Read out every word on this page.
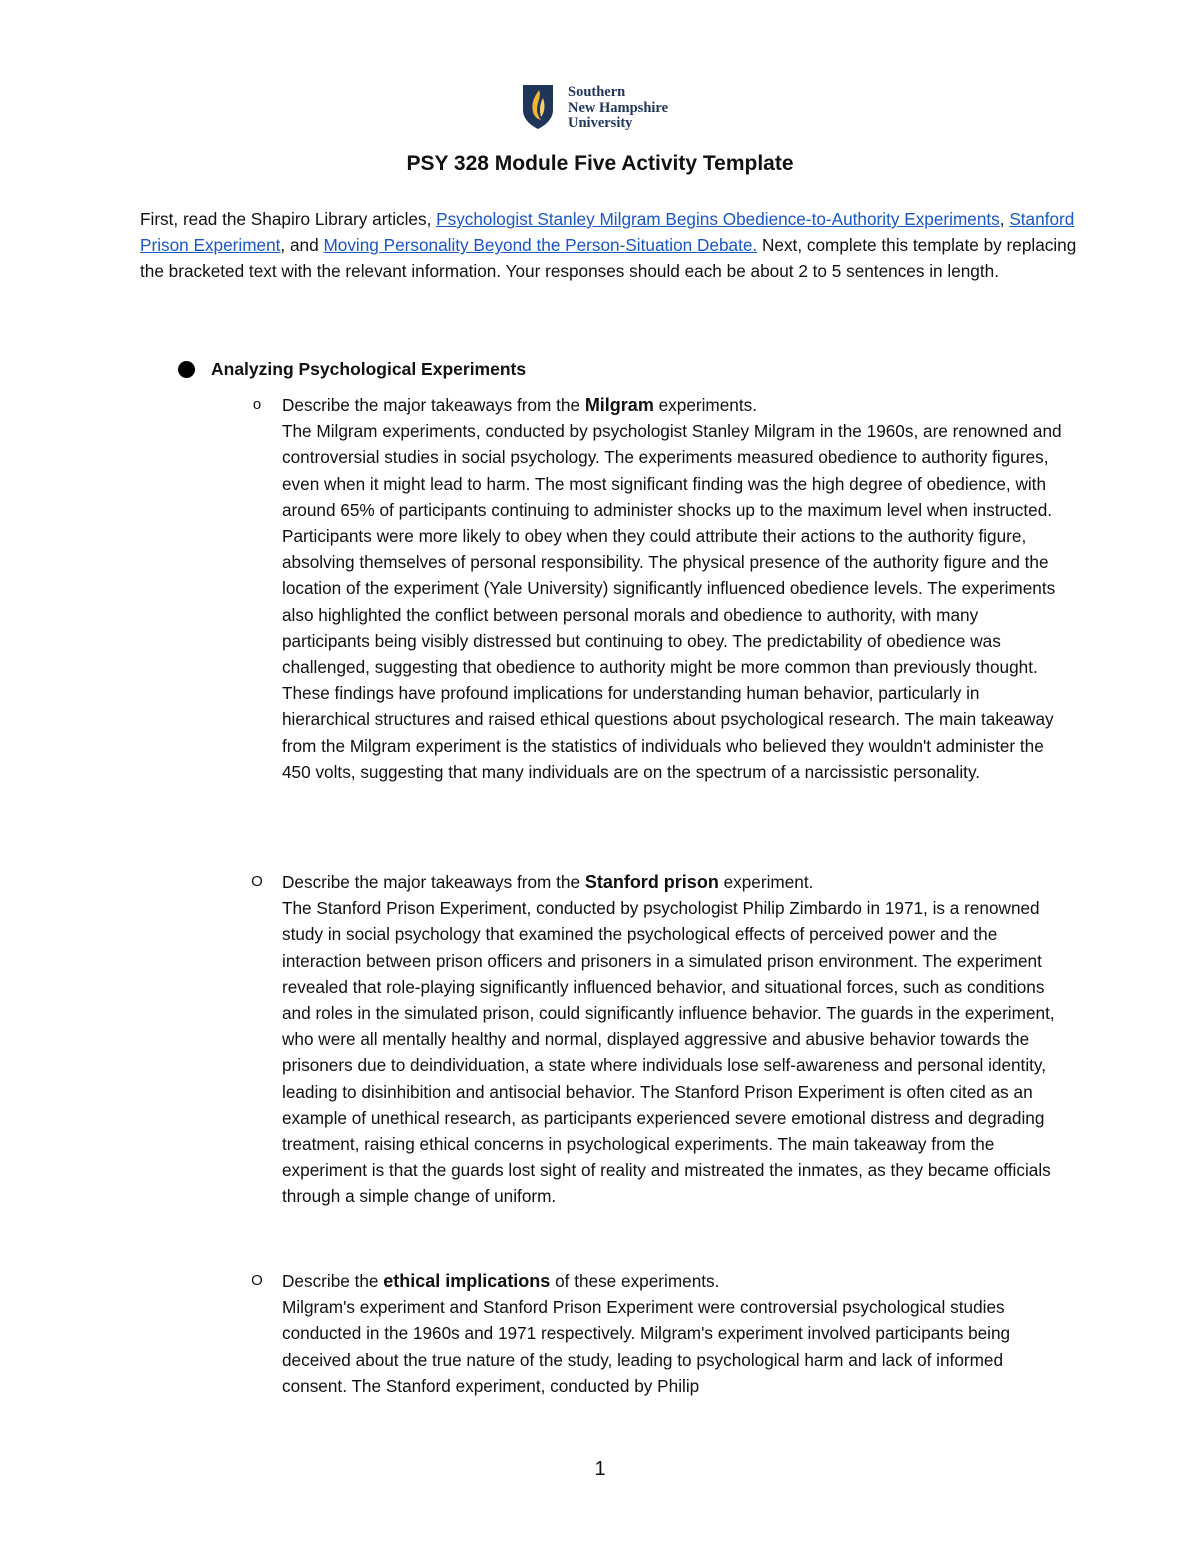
Southern
New Hampshire
University
PSY 328 Module Five Activity Template
First, read the Shapiro Library articles, Psychologist Stanley Milgram Begins Obedience-to-Authority Experiments, Stanford Prison Experiment, and Moving Personality Beyond the Person-Situation Debate. Next, complete this template by replacing the bracketed text with the relevant information. Your responses should each be about 2 to 5 sentences in length.
Analyzing Psychological Experiments
o	Describe the major takeaways from the Milgram experiments.
The Milgram experiments, conducted by psychologist Stanley Milgram in the 1960s, are renowned and controversial studies in social psychology. The experiments measured obedience to authority figures, even when it might lead to harm. The most significant finding was the high degree of obedience, with around 65% of participants continuing to administer shocks up to the maximum level when instructed. Participants were more likely to obey when they could attribute their actions to the authority figure, absolving themselves of personal responsibility. The physical presence of the authority figure and the location of the experiment (Yale University) significantly influenced obedience levels. The experiments also highlighted the conflict between personal morals and obedience to authority, with many participants being visibly distressed but continuing to obey. The predictability of obedience was challenged, suggesting that obedience to authority might be more common than previously thought. These findings have profound implications for understanding human behavior, particularly in hierarchical structures and raised ethical questions about psychological research. The main takeaway from the Milgram experiment is the statistics of individuals who believed they wouldn't administer the 450 volts, suggesting that many individuals are on the spectrum of a narcissistic personality.
O Describe the major takeaways from the Stanford prison experiment.
The Stanford Prison Experiment, conducted by psychologist Philip Zimbardo in 1971, is a renowned study in social psychology that examined the psychological effects of perceived power and the interaction between prison officers and prisoners in a simulated prison environment. The experiment revealed that role-playing significantly influenced behavior, and situational forces, such as conditions and roles in the simulated prison, could significantly influence behavior. The guards in the experiment, who were all mentally healthy and normal, displayed aggressive and abusive behavior towards the prisoners due to deindividuation, a state where individuals lose self-awareness and personal identity, leading to disinhibition and antisocial behavior. The Stanford Prison Experiment is often cited as an example of unethical research, as participants experienced severe emotional distress and degrading treatment, raising ethical concerns in psychological experiments. The main takeaway from the experiment is that the guards lost sight of reality and mistreated the inmates, as they became officials through a simple change of uniform.
O Describe the ethical implications of these experiments.
Milgram's experiment and Stanford Prison Experiment were controversial psychological studies conducted in the 1960s and 1971 respectively. Milgram's experiment involved participants being deceived about the true nature of the study, leading to psychological harm and lack of informed consent. The Stanford experiment, conducted by Philip
1
